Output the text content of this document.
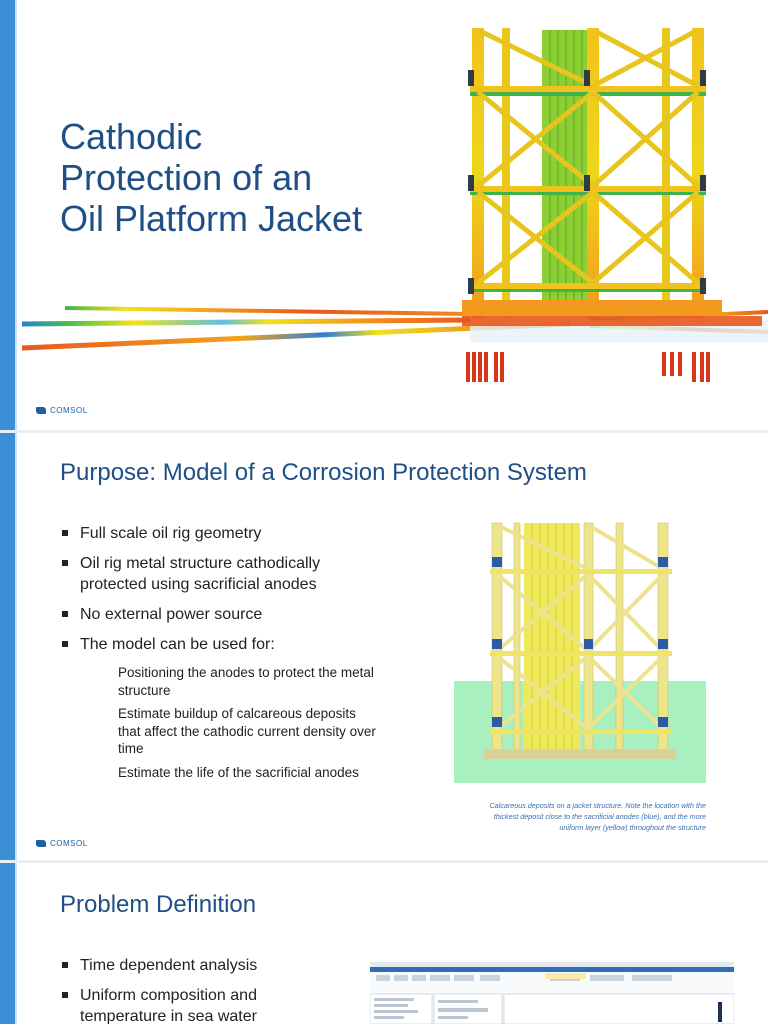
Cathodic
Protection of an
Oil Platform Jacket
COMSOL
Purpose: Model of a Corrosion Protection System
Full scale oil rig geometry
Oil rig metal structure cathodically protected using sacrificial anodes
No external power source
The model can be used for:
Positioning the anodes to protect the metal structure
Estimate buildup of calcareous deposits that affect the cathodic current density over time
Estimate the life of the sacrificial anodes
Calcareous deposits on a jacket structure. Note the location with the thickest deposit close to the sacrificial anodes (blue), and the more uniform layer (yellow) throughout the structure
COMSOL
Problem Definition
Time dependent analysis
Uniform composition and temperature in sea water
